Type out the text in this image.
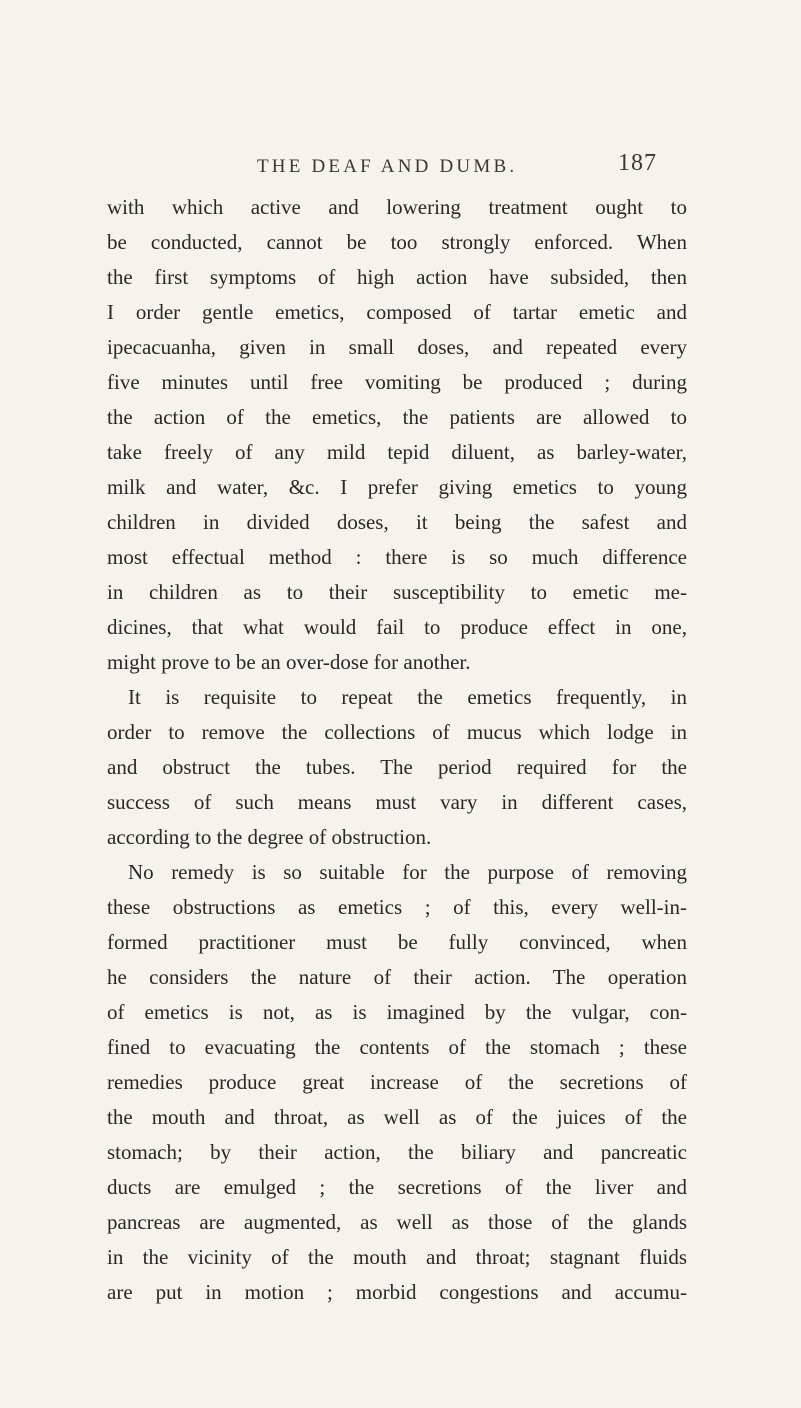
THE DEAF AND DUMB.	187
with which active and lowering treatment ought to
be conducted, cannot be too strongly enforced. When
the first symptoms of high action have subsided, then
I order gentle emetics, composed of tartar emetic and
ipecacuanha, given in small doses, and repeated every
five minutes until free vomiting be produced ; during
the action of the emetics, the patients are allowed to
take freely of any mild tepid diluent, as barley-water,
milk and water, &c. I prefer giving emetics to young
children in divided doses, it being the safest and
most effectual method : there is so much difference
in children as to their susceptibility to emetic me-
dicines, that what would fail to produce effect in one,
might prove to be an over-dose for another.
It is requisite to repeat the emetics frequently, in
order to remove the collections of mucus which lodge in
and obstruct the tubes. The period required for the
success of such means must vary in different cases,
according to the degree of obstruction.
No remedy is so suitable for the purpose of removing
these obstructions as emetics ; of this, every well-in-
formed practitioner must be fully convinced, when
he considers the nature of their action. The operation
of emetics is not, as is imagined by the vulgar, con-
fined to evacuating the contents of the stomach ; these
remedies produce great increase of the secretions of
the mouth and throat, as well as of the juices of the
stomach; by their action, the biliary and pancreatic
ducts are emulged ; the secretions of the liver and
pancreas are augmented, as well as those of the glands
in the vicinity of the mouth and throat; stagnant fluids
are put in motion ; morbid congestions and accumu-
